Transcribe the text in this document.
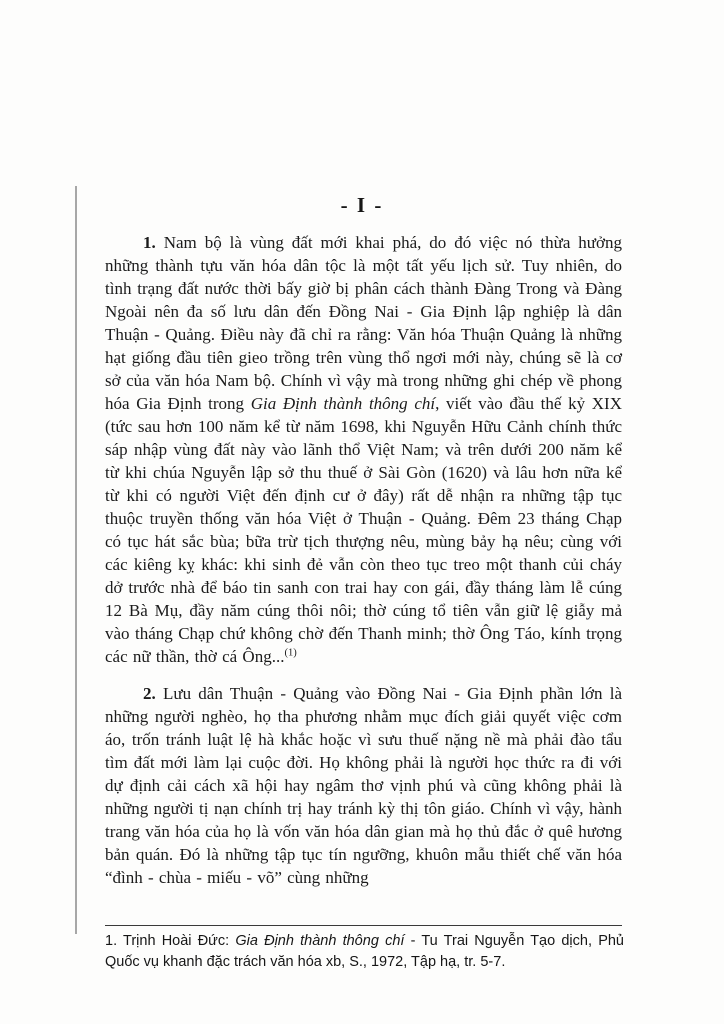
- I -

1. Nam bộ là vùng đất mới khai phá, do đó việc nó thừa hưởng những thành tựu văn hóa dân tộc là một tất yếu lịch sử. Tuy nhiên, do tình trạng đất nước thời bấy giờ bị phân cách thành Đàng Trong và Đàng Ngoài nên đa số lưu dân đến Đồng Nai - Gia Định lập nghiệp là dân Thuận - Quảng. Điều này đã chỉ ra rằng: Văn hóa Thuận Quảng là những hạt giống đầu tiên gieo trồng trên vùng thổ ngơi mới này, chúng sẽ là cơ sở của văn hóa Nam bộ. Chính vì vậy mà trong những ghi chép về phong hóa Gia Định trong Gia Định thành thông chí, viết vào đầu thế kỷ XIX (tức sau hơn 100 năm kể từ năm 1698, khi Nguyễn Hữu Cảnh chính thức sáp nhập vùng đất này vào lãnh thổ Việt Nam; và trên dưới 200 năm kể từ khi chúa Nguyễn lập sở thu thuế ở Sài Gòn (1620) và lâu hơn nữa kể từ khi có người Việt đến định cư ở đây) rất dễ nhận ra những tập tục thuộc truyền thống văn hóa Việt ở Thuận - Quảng. Đêm 23 tháng Chạp có tục hát sắc bùa; bữa trừ tịch thượng nêu, mùng bảy hạ nêu; cùng với các kiêng kỵ khác: khi sinh đẻ vẫn còn theo tục treo một thanh củi cháy dở trước nhà để báo tin sanh con trai hay con gái, đầy tháng làm lễ cúng 12 Bà Mụ, đầy năm cúng thôi nôi; thờ cúng tổ tiên vẫn giữ lệ giẫy mả vào tháng Chạp chứ không chờ đến Thanh minh; thờ Ông Táo, kính trọng các nữ thần, thờ cá Ông...$^{(1)}$

2. Lưu dân Thuận - Quảng vào Đồng Nai - Gia Định phần lớn là những người nghèo, họ tha phương nhằm mục đích giải quyết việc cơm áo, trốn tránh luật lệ hà khắc hoặc vì sưu thuế nặng nề mà phải đào tẩu tìm đất mới làm lại cuộc đời. Họ không phải là người học thức ra đi với dự định cải cách xã hội hay ngâm thơ vịnh phú và cũng không phải là những người tị nạn chính trị hay tránh kỳ thị tôn giáo. Chính vì vậy, hành trang văn hóa của họ là vốn văn hóa dân gian mà họ thủ đắc ở quê hương bản quán. Đó là những tập tục tín ngưỡng, khuôn mẫu thiết chế văn hóa “đình - chùa - miếu - võ” cùng những

1. Trịnh Hoài Đức: Gia Định thành thông chí - Tu Trai Nguyễn Tạo dịch, Phủ Quốc vụ khanh đặc trách văn hóa xb, S., 1972, Tập hạ, tr. 5-7.
